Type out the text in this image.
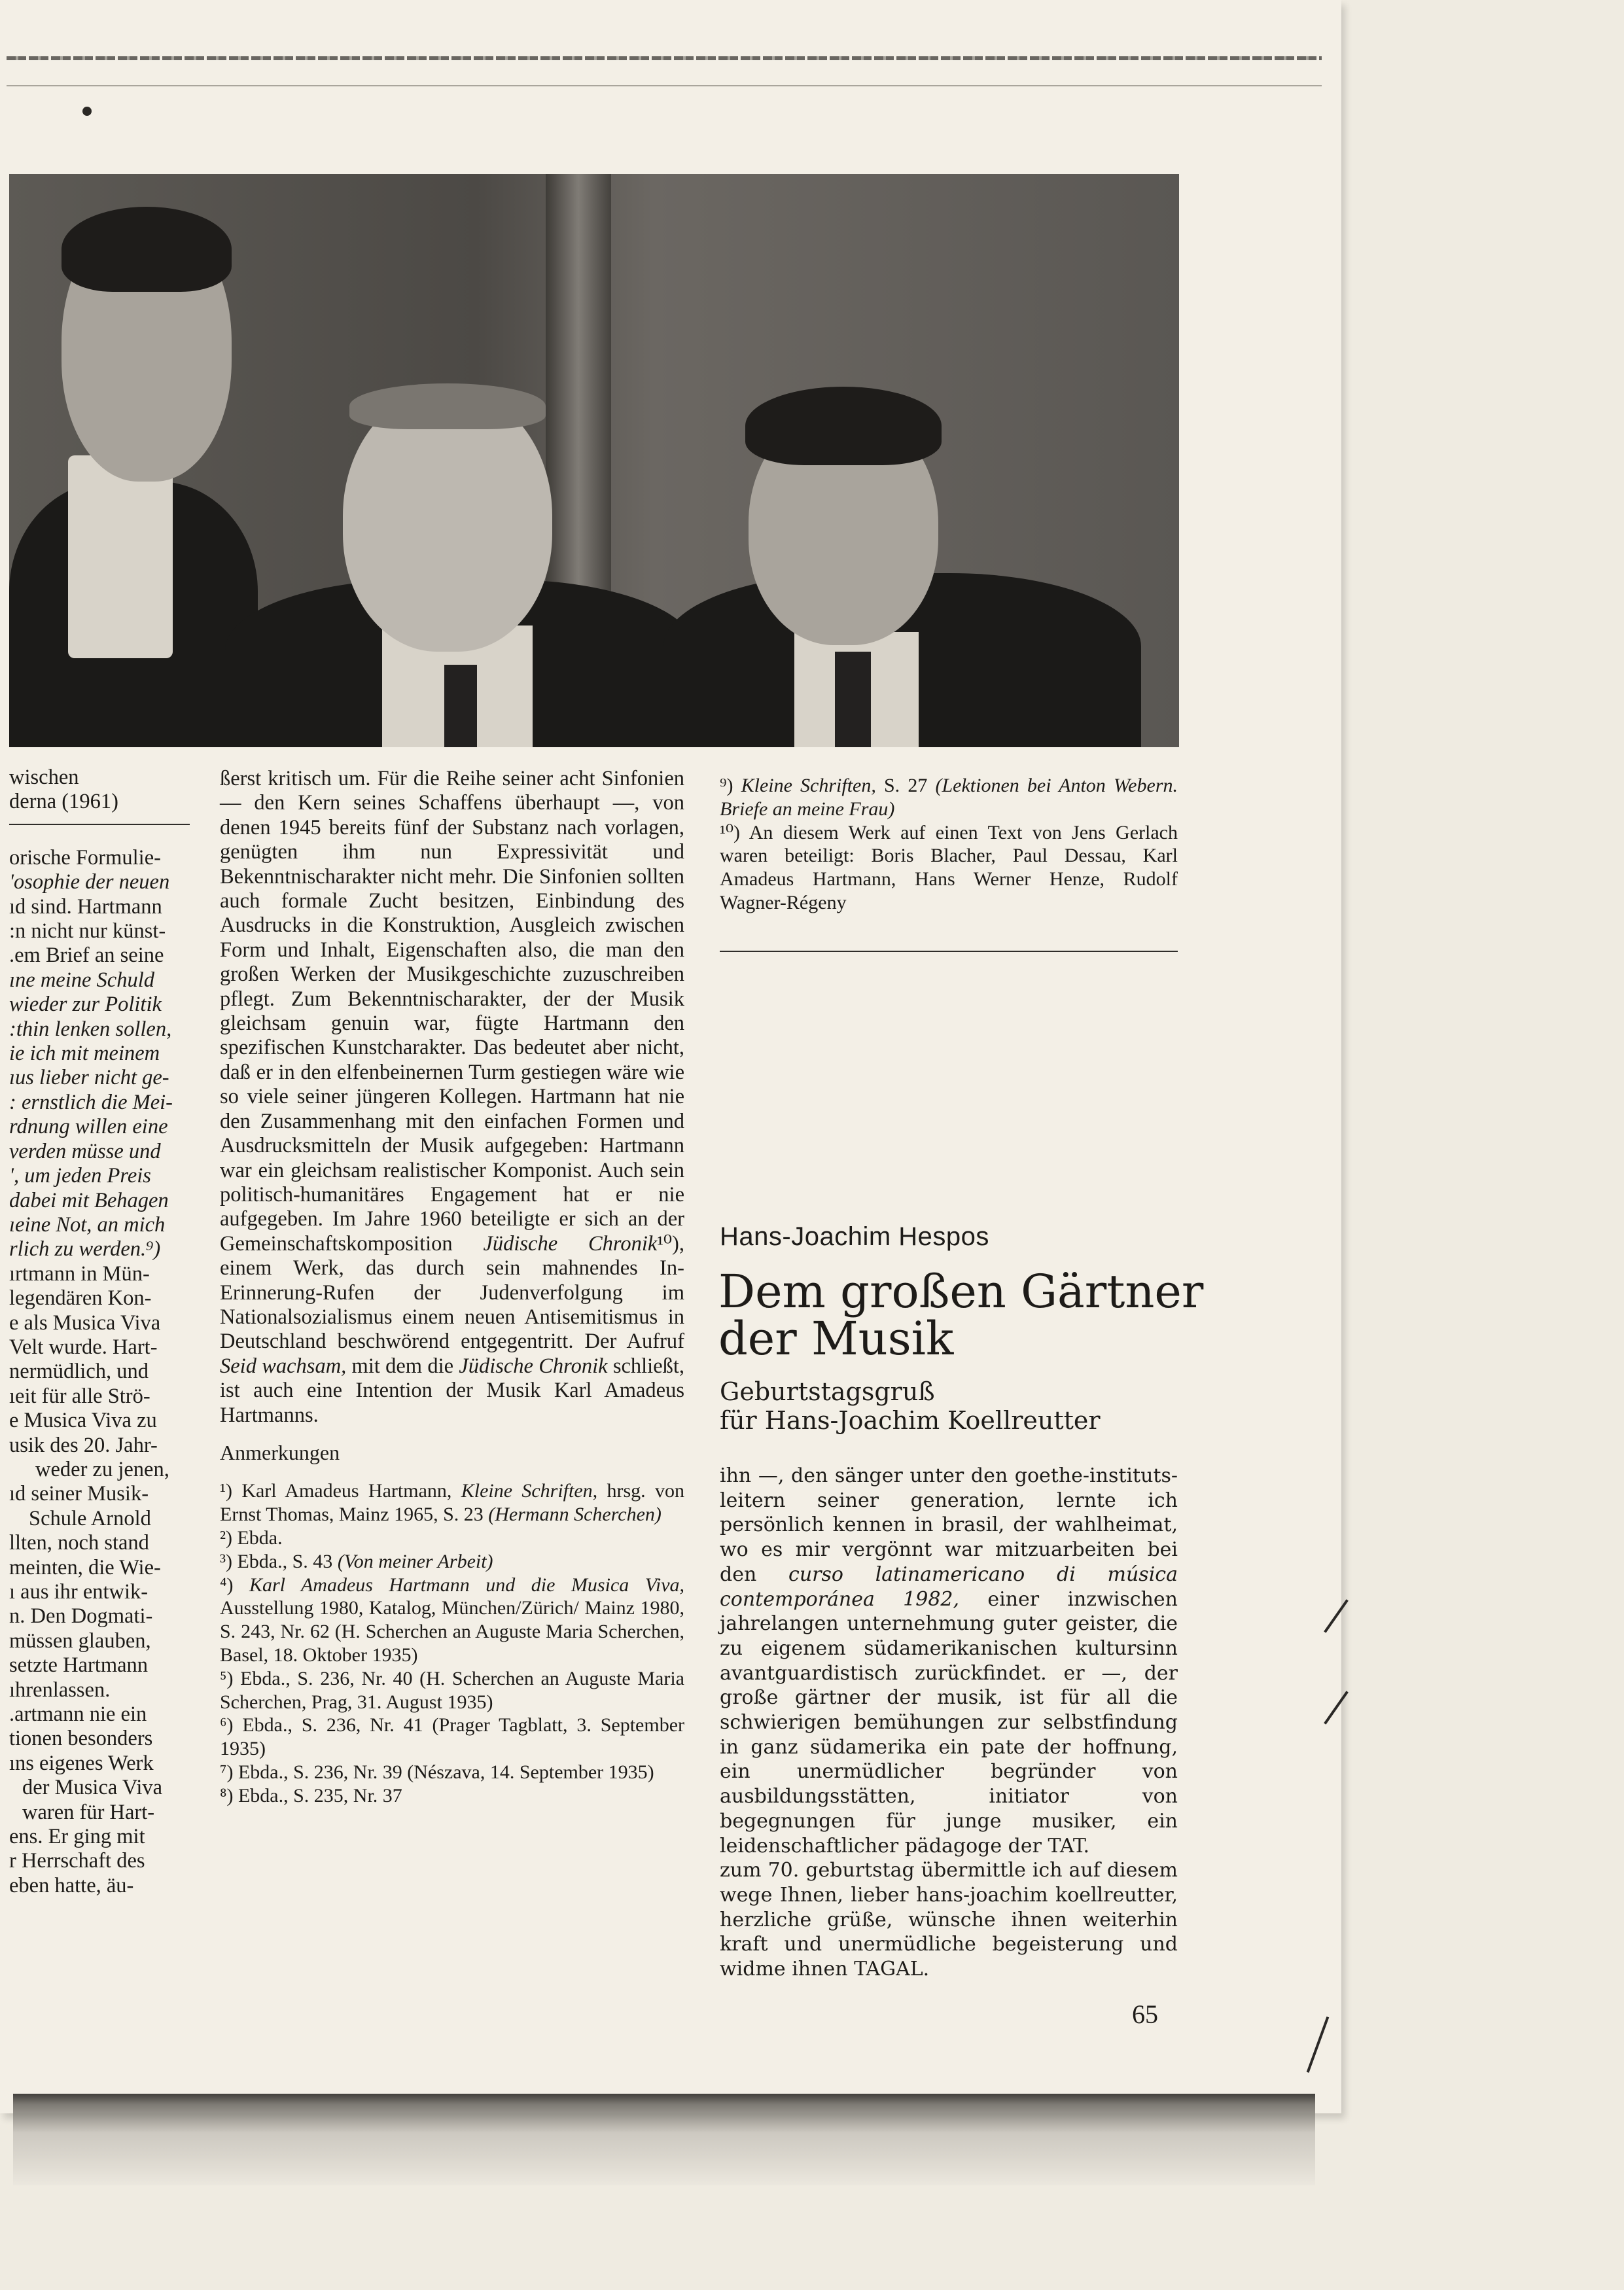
wischen

derna (1961)

orische Formulie-

'osophie der neuen

ıd sind. Hartmann

:n nicht nur künst-

.em Brief an seine

ıne meine Schuld

wieder zur Politik

:thin lenken sollen,

ie ich mit meinem

ıus lieber nicht ge-

: ernstlich die Mei-

rdnung willen eine

verden müsse und

', um jeden Preis

dabei mit Behagen

ıeine Not, an mich

rlich zu werden.⁹)

ırtmann in Mün-

legendären Kon-

e als Musica Viva

Velt wurde. Hart-

nermüdlich, und

ıeit für alle Strö-

e Musica Viva zu

usik des 20. Jahr-

weder zu jenen,

ıd seiner Musik-

Schule Arnold

llten, noch stand

meinten, die Wie-

ı aus ihr entwik-

n. Den Dogmati-

müssen glauben,

setzte Hartmann

ıhrenlassen.

.artmann nie ein

tionen besonders

ıns eigenes Werk

der Musica Viva

waren für Hart-

ens. Er ging mit

r Herrschaft des

eben hatte, äu-

ßerst kritisch um. Für die Reihe seiner acht Sinfonien — den Kern seines Schaffens überhaupt —, von denen 1945 bereits fünf der Substanz nach vorlagen, genügten ihm nun Expressivität und Bekenntnischarakter nicht mehr. Die Sinfonien sollten auch formale Zucht besitzen, Einbindung des Ausdrucks in die Konstruktion, Ausgleich zwischen Form und Inhalt, Eigenschaften also, die man den großen Werken der Musikgeschichte zuzuschreiben pflegt. Zum Bekenntnischarakter, der der Musik gleichsam genuin war, fügte Hartmann den spezifischen Kunstcharakter. Das bedeutet aber nicht, daß er in den elfenbeinernen Turm gestiegen wäre wie so viele seiner jüngeren Kollegen. Hartmann hat nie den Zusammenhang mit den einfachen Formen und Ausdrucksmitteln der Musik aufgegeben: Hartmann war ein gleichsam realistischer Komponist. Auch sein politisch-humanitäres Engagement hat er nie aufgegeben. Im Jahre 1960 beteiligte er sich an der Gemeinschaftskomposition Jüdische Chronik¹⁰), einem Werk, das durch sein mahnendes In-Erinnerung-Rufen der Judenverfolgung im Nationalsozialismus einem neuen Antisemitismus in Deutschland beschwörend entgegentritt. Der Aufruf Seid wachsam, mit dem die Jüdische Chronik schließt, ist auch eine Intention der Musik Karl Amadeus Hartmanns.

Anmerkungen

¹) Karl Amadeus Hartmann, Kleine Schriften, hrsg. von Ernst Thomas, Mainz 1965, S. 23 (Hermann Scherchen)

²) Ebda.

³) Ebda., S. 43 (Von meiner Arbeit)

⁴) Karl Amadeus Hartmann und die Musica Viva, Ausstellung 1980, Katalog, München/Zürich/ Mainz 1980, S. 243, Nr. 62 (H. Scherchen an Auguste Maria Scherchen, Basel, 18. Oktober 1935)

⁵) Ebda., S. 236, Nr. 40 (H. Scherchen an Auguste Maria Scherchen, Prag, 31. August 1935)

⁶) Ebda., S. 236, Nr. 41 (Prager Tagblatt, 3. September 1935)

⁷) Ebda., S. 236, Nr. 39 (Nészava, 14. September 1935)

⁸) Ebda., S. 235, Nr. 37

⁹) Kleine Schriften, S. 27 (Lektionen bei Anton Webern. Briefe an meine Frau)

¹⁰) An diesem Werk auf einen Text von Jens Gerlach waren beteiligt: Boris Blacher, Paul Dessau, Karl Amadeus Hartmann, Hans Werner Henze, Rudolf Wagner-Régeny

Hans-Joachim Hespos
Dem großen Gärtner
der Musik
Geburtstagsgruß
für Hans-Joachim Koellreutter
ihn —, den sänger unter den goethe-instituts-leitern seiner generation, lernte ich persönlich kennen in brasil, der wahlheimat, wo es mir vergönnt war mitzuarbeiten bei den curso latinamericano di música contemporánea 1982, einer inzwischen jahrelangen unternehmung guter geister, die zu eigenem südamerikanischen kultursinn avantguardistisch zurückfindet. er —, der große gärtner der musik, ist für all die schwierigen bemühungen zur selbstfindung in ganz südamerika ein pate der hoffnung, ein unermüdlicher begründer von ausbildungsstätten, initiator von begegnungen für junge musiker, ein leidenschaftlicher pädagoge der TAT.
zum 70. geburtstag übermittle ich auf diesem wege Ihnen, lieber hans-joachim koellreutter, herzliche grüße, wünsche ihnen weiterhin kraft und unermüdliche begeisterung und widme ihnen TAGAL.
65
